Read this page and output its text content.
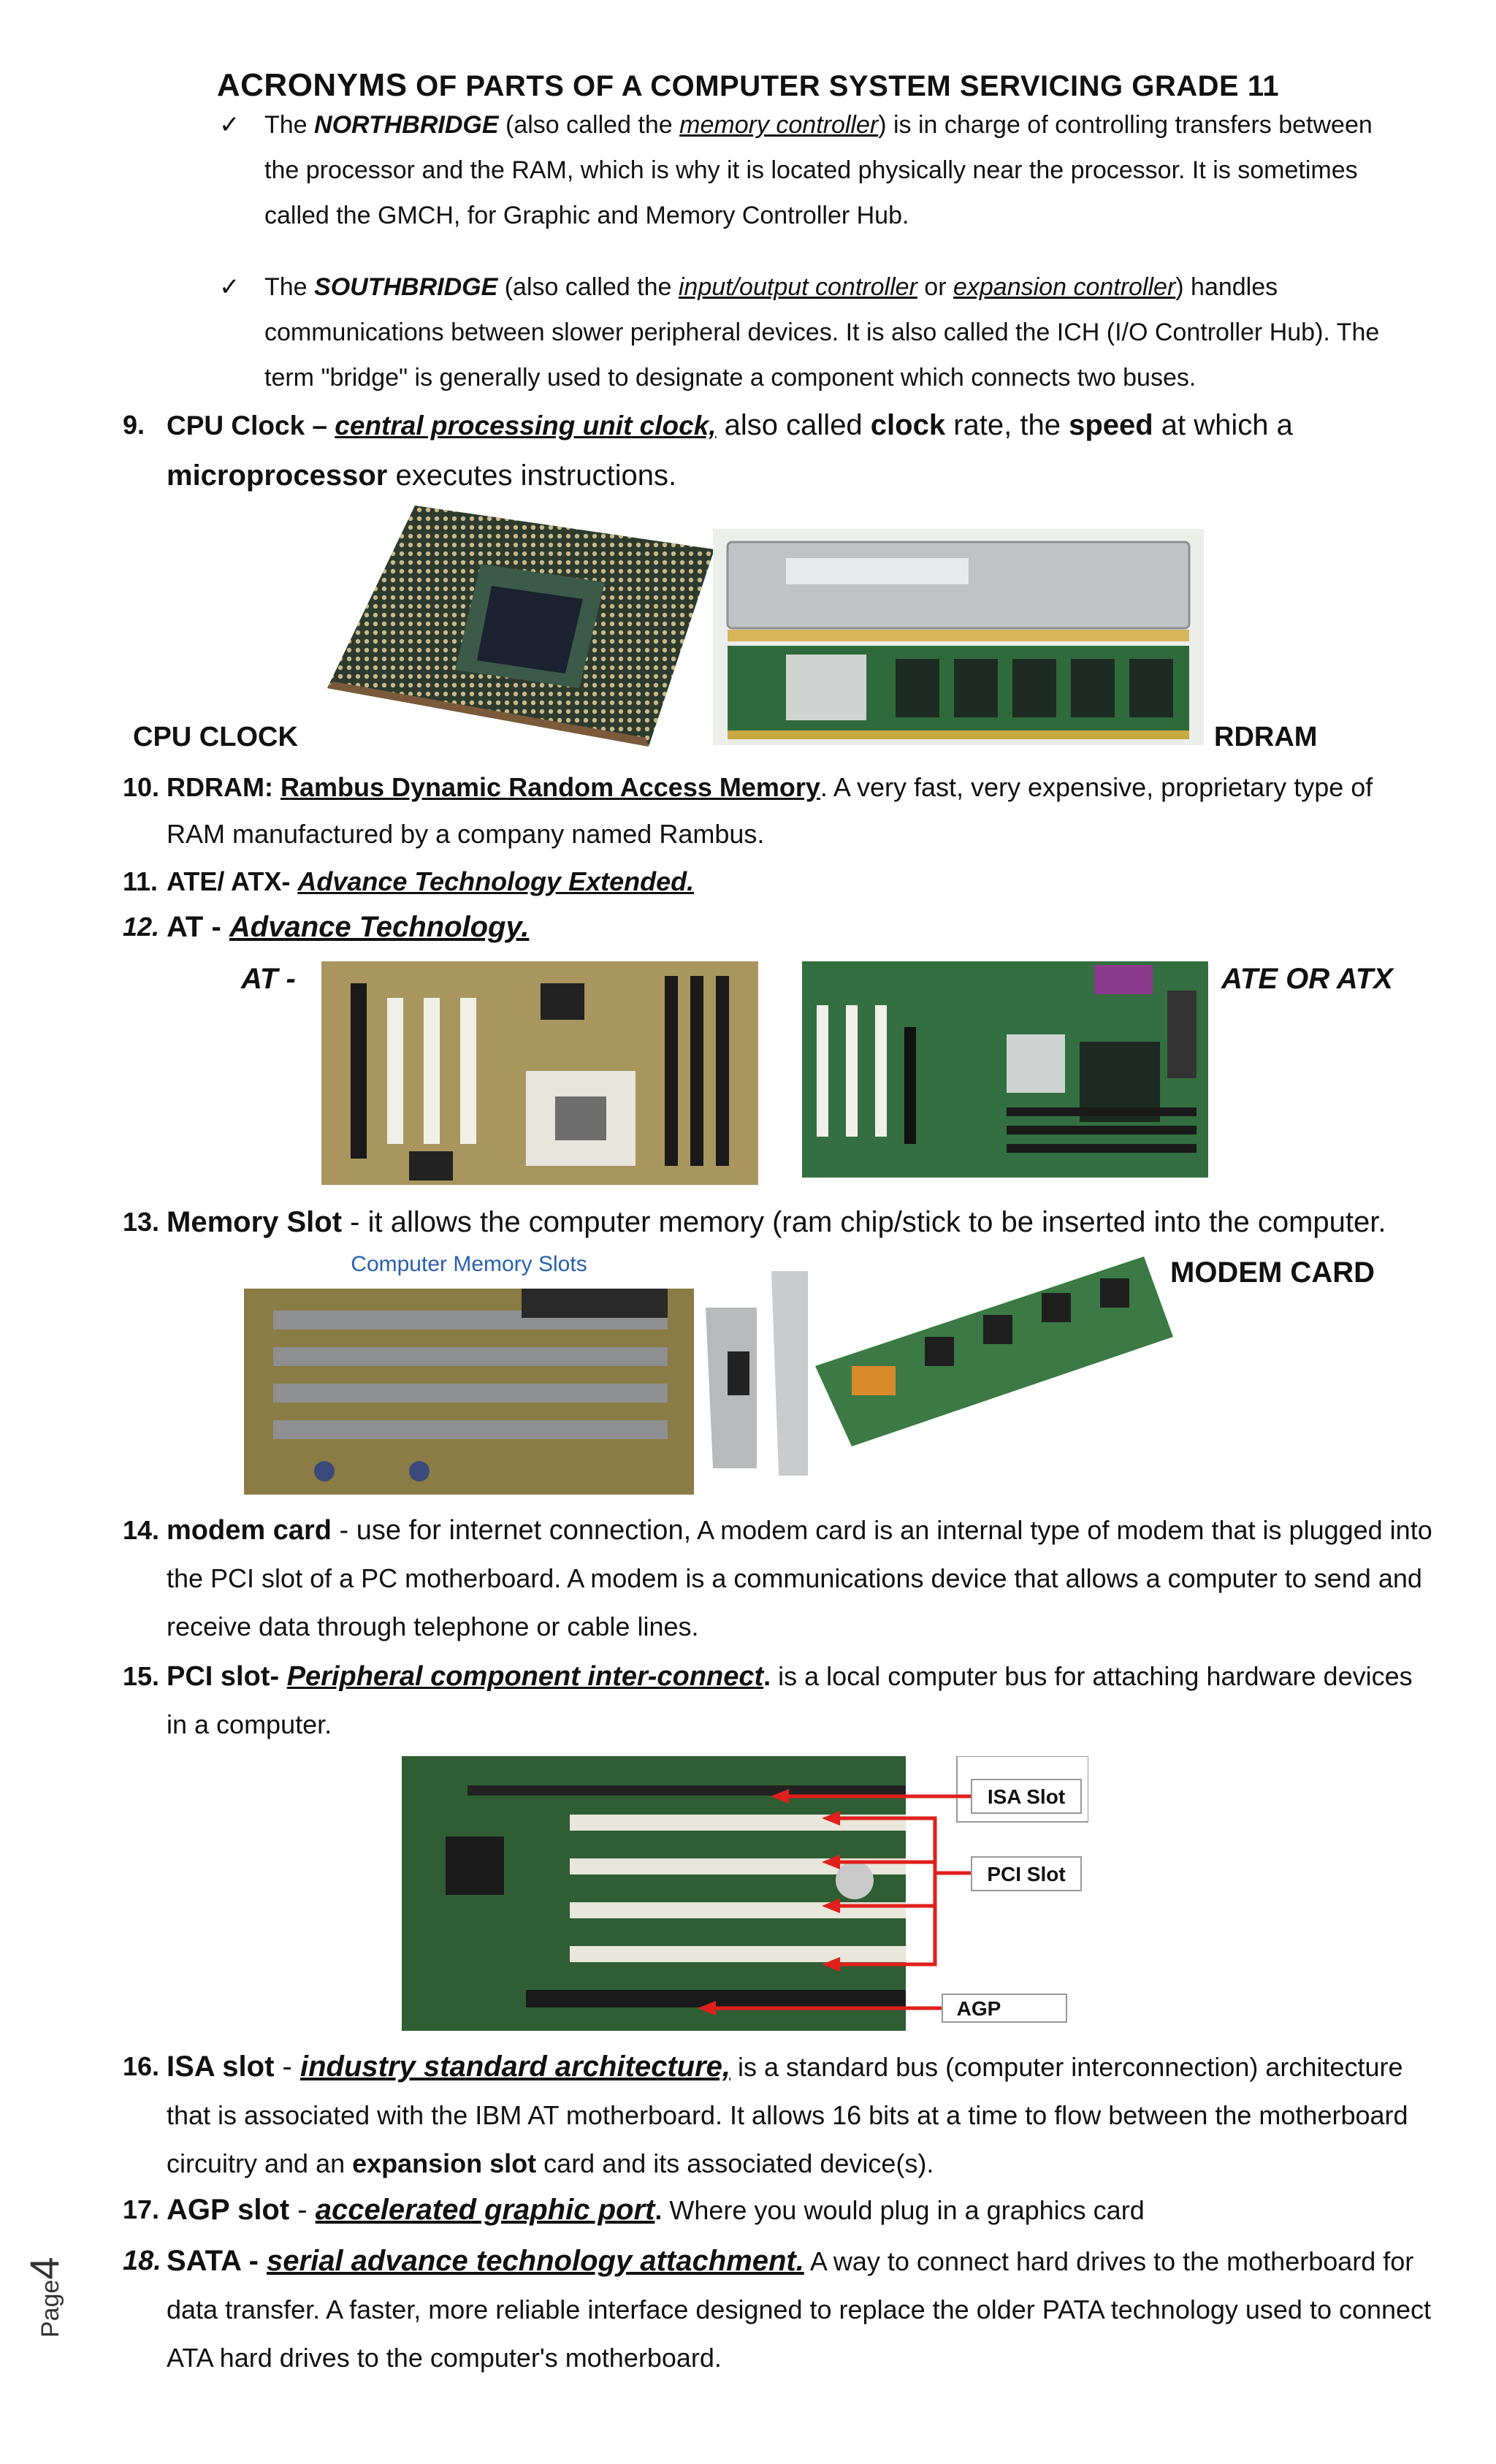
ACRONYMS OF PARTS OF A COMPUTER SYSTEM SERVICING GRADE 11
✓ The NORTHBRIDGE (also called the memory controller) is in charge of controlling transfers between the processor and the RAM, which is why it is located physically near the processor. It is sometimes called the GMCH, for Graphic and Memory Controller Hub.
✓ The SOUTHBRIDGE (also called the input/output controller or expansion controller) handles communications between slower peripheral devices. It is also called the ICH (I/O Controller Hub). The term "bridge" is generally used to designate a component which connects two buses.
9. CPU Clock – central processing unit clock, also called clock rate, the speed at which a
microprocessor executes instructions.
CPU CLOCK	RDRAM
10. RDRAM: Rambus Dynamic Random Access Memory. A very fast, very expensive, proprietary type of RAM manufactured by a company named Rambus.
11. ATE/ ATX- Advance Technology Extended.
12. AT - Advance Technology.
AT -	ATE OR ATX
13. Memory Slot - it allows the computer memory (ram chip/stick to be inserted into the computer.
Computer Memory Slots	MODEM CARD
14. modem card - use for internet connection, A modem card is an internal type of modem that is plugged into the PCI slot of a PC motherboard. A modem is a communications device that allows a computer to send and receive data through telephone or cable lines.
15. PCI slot- Peripheral component inter-connect. is a local computer bus for attaching hardware devices in a computer.
ISA Slot
PCI Slot
AGP
16. ISA slot - industry standard architecture, is a standard bus (computer interconnection) architecture that is associated with the IBM AT motherboard. It allows 16 bits at a time to flow between the motherboard circuitry and an expansion slot card and its associated device(s).
17. AGP slot - accelerated graphic port. Where you would plug in a graphics card
18. SATA - serial advance technology attachment. A way to connect hard drives to the motherboard for data transfer. A faster, more reliable interface designed to replace the older PATA technology used to connect ATA hard drives to the computer's motherboard.
Page4
